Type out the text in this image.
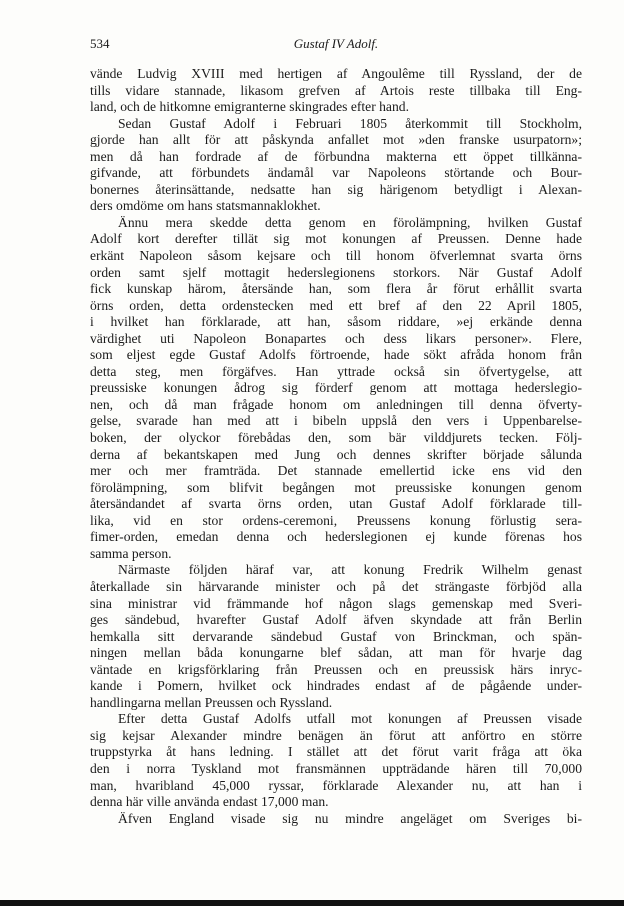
534	Gustaf IV Adolf.
vände Ludvig XVIII med hertigen af Angoulême till Ryssland, der de
tills vidare stannade, likasom grefven af Artois reste tillbaka till Eng-
land, och de hitkomne emigranterne skingrades efter hand.
Sedan Gustaf Adolf i Februari 1805 återkommit till Stockholm,
gjorde han allt för att påskynda anfallet mot »den franske usurpatorn»;
men då han fordrade af de förbundna makterna ett öppet tillkänna-
gifvande, att förbundets ändamål var Napoleons störtande och Bour-
bonernes återinsättande, nedsatte han sig härigenom betydligt i Alexan-
ders omdöme om hans statsmannaklokhet.
Ännu mera skedde detta genom en förolämpning, hvilken Gustaf
Adolf kort derefter tillät sig mot konungen af Preussen. Denne hade
erkänt Napoleon såsom kejsare och till honom öfverlemnat svarta örns
orden samt sjelf mottagit hederslegionens storkors. När Gustaf Adolf
fick kunskap härom, återsände han, som flera år förut erhållit svarta
örns orden, detta ordenstecken med ett bref af den 22 April 1805,
i hvilket han förklarade, att han, såsom riddare, »ej erkände denna
värdighet uti Napoleon Bonapartes och dess likars personer». Flere,
som eljest egde Gustaf Adolfs förtroende, hade sökt afråda honom från
detta steg, men förgäfves. Han yttrade också sin öfvertygelse, att
preussiske konungen ådrog sig förderf genom att mottaga hederslegio-
nen, och då man frågade honom om anledningen till denna öfverty-
gelse, svarade han med att i bibeln uppslå den vers i Uppenbarelse-
boken, der olyckor förebådas den, som bär vilddjurets tecken. Följ-
derna af bekantskapen med Jung och dennes skrifter började sålunda
mer och mer framträda. Det stannade emellertid icke ens vid den
förolämpning, som blifvit begången mot preussiske konungen genom
återsändandet af svarta örns orden, utan Gustaf Adolf förklarade till-
lika, vid en stor ordens-ceremoni, Preussens konung förlustig sera-
fimer-orden, emedan denna och hederslegionen ej kunde förenas hos
samma person.
Närmaste följden häraf var, att konung Fredrik Wilhelm genast
återkallade sin härvarande minister och på det strängaste förbjöd alla
sina ministrar vid främmande hof någon slags gemenskap med Sveri-
ges sändebud, hvarefter Gustaf Adolf äfven skyndade att från Berlin
hemkalla sitt dervarande sändebud Gustaf von Brinckman, och spän-
ningen mellan båda konungarne blef sådan, att man för hvarje dag
väntade en krigsförklaring från Preussen och en preussisk härs inryc-
kande i Pomern, hvilket ock hindrades endast af de pågående under-
handlingarna mellan Preussen och Ryssland.
Efter detta Gustaf Adolfs utfall mot konungen af Preussen visade
sig kejsar Alexander mindre benägen än förut att anförtro en större
truppstyrka åt hans ledning. I stället att det förut varit fråga att öka
den i norra Tyskland mot fransmännen uppträdande hären till 70,000
man, hvaribland 45,000 ryssar, förklarade Alexander nu, att han i
denna här ville använda endast 17,000 man.
Äfven England visade sig nu mindre angeläget om Sveriges bi-
